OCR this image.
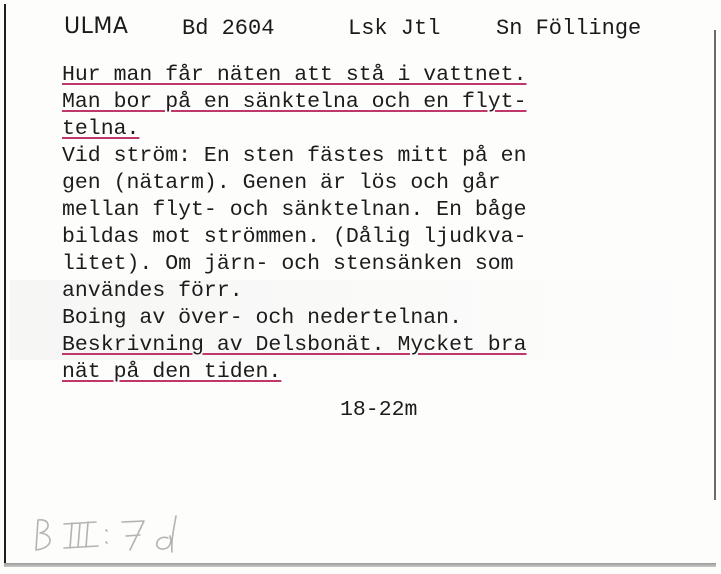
ULMA Bd 2604	Lsk Jtl	Sn Föllinge
Hur man får näten att stå i vattnet.
Man bor på en sänktelna och en flyt-
telna.
Vid ström: En sten fästes mitt på en
gen (nätarm). Genen är lös och går
mellan flyt- och sänktelnan. En båge
bildas mot strömmen. (Dålig ljudkva-
litet). Om järn- och stensänken som
användes förr.
Boing av över- och nedertelnan.
Beskrivning av Delsbonät. Mycket bra
nät på den tiden.
18-22m
